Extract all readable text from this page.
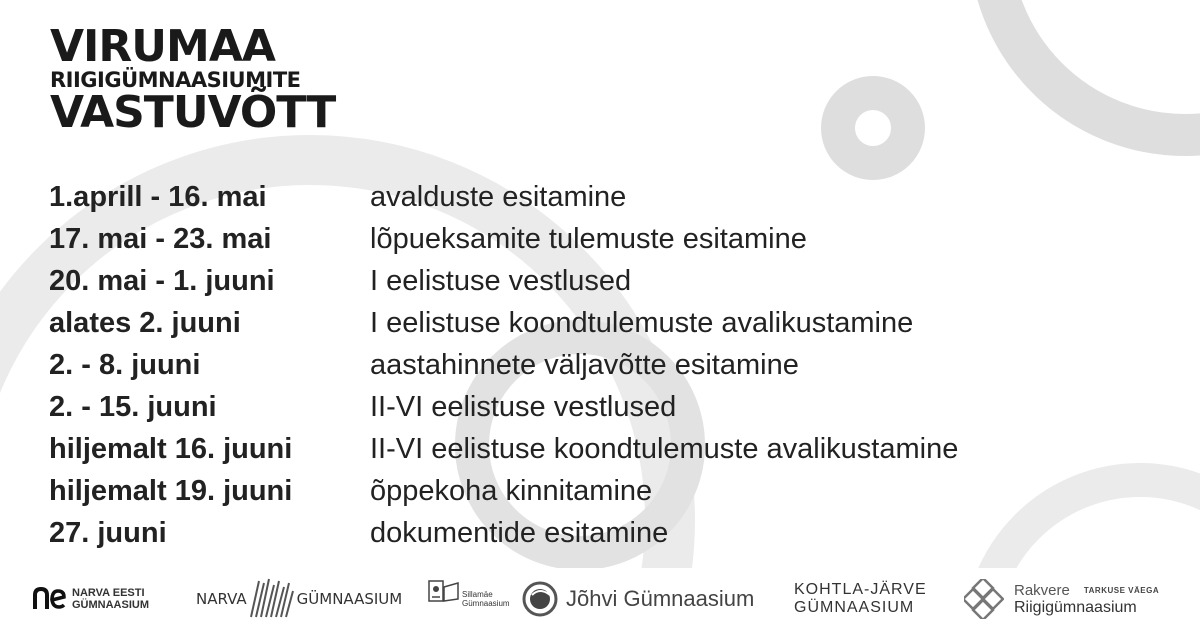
VIRUMAA
RIIGIGÜMNAASIUMITE
VASTUVÕTT
1.aprill - 16. mai	avalduste esitamine
17. mai - 23. mai	lõpueksamite tulemuste esitamine
20. mai - 1. juuni	I eelistuse vestlused
alates 2. juuni	I eelistuse koondtulemuste avalikustamine
2. - 8. juuni	aastahinnete väljavõtte esitamine
2. - 15. juuni	II-VI eelistuse vestlused
hiljemalt 16. juuni	II-VI eelistuse koondtulemuste avalikustamine
hiljemalt 19. juuni	õppekoha kinnitamine
27. juuni	dokumentide esitamine
NARVA EESTI
GÜMNAASIUM	NARVA	GÜMNAASIUM	Sillamäe
Gümnaasium	Jõhvi Gümnaasium KOHTLA-JÄRVE
GÜMNAASIUM
Rakvere TARKUSE VÄEGA
Riigigümnaasium
